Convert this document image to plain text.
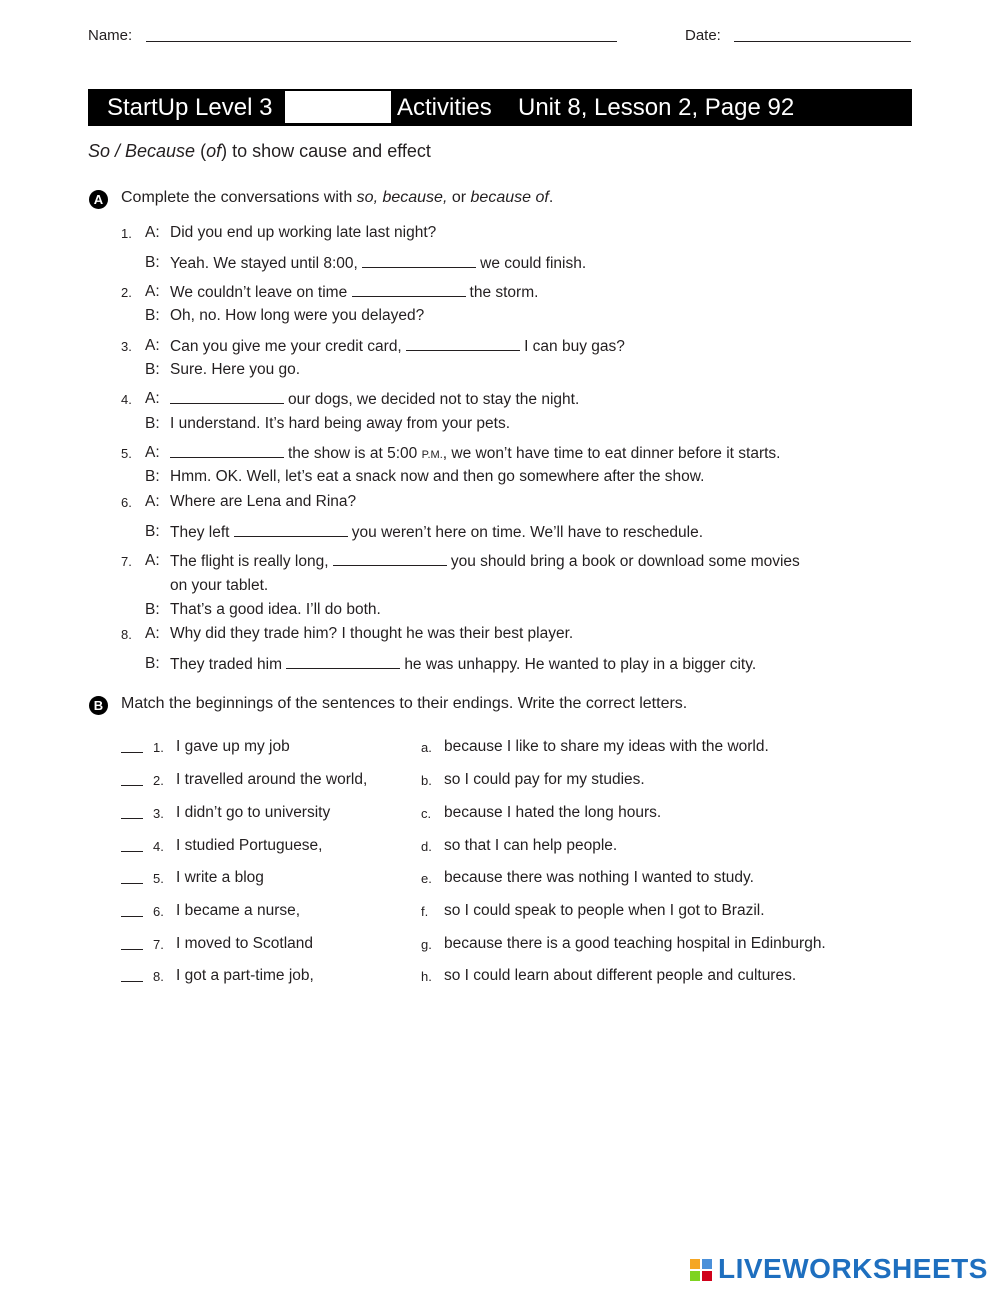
Name:	Date:
StartUp Level 3	Activities Unit 8, Lesson 2, Page 92
So / Because (of) to show cause and effect
A	Complete the conversations with so, because, or because of.
1. A: Did you end up working late last night?
B: Yeah. We stayed until 8:00,	we could finish.
2. A: We couldn’t leave on time	the storm.
B: Oh, no. How long were you delayed?
3. A: Can you give me your credit card,	I can buy gas?
B: Sure. Here you go.
4. A:	our dogs, we decided not to stay the night.
B: I understand. It’s hard being away from your pets.
5. A:	the show is at 5:00 P.M., we won’t have time to eat dinner before it starts.
B: Hmm. OK. Well, let’s eat a snack now and then go somewhere after the show.
6. A: Where are Lena and Rina?
B: They left	you weren’t here on time. We’ll have to reschedule.
7. A: The flight is really long,	you should bring a book or download some movies
on your tablet.
B: That’s a good idea. I’ll do both.
8. A: Why did they trade him? I thought he was their best player.
B: They traded him	he was unhappy. He wanted to play in a bigger city.
B	Match the beginnings of the sentences to their endings. Write the correct letters.
1. I gave up my job	a. because I like to share my ideas with the world.
2. I travelled around the world,	b. so I could pay for my studies.
3. I didn’t go to university	c. because I hated the long hours.
4. I studied Portuguese,	d. so that I can help people.
5. I write a blog	e. because there was nothing I wanted to study.
6. I became a nurse,	f. so I could speak to people when I got to Brazil.
7. I moved to Scotland	g. because there is a good teaching hospital in Edinburgh.
8. I got a part-time job,	h. so I could learn about different people and cultures.
LIVEWORKSHEETS
